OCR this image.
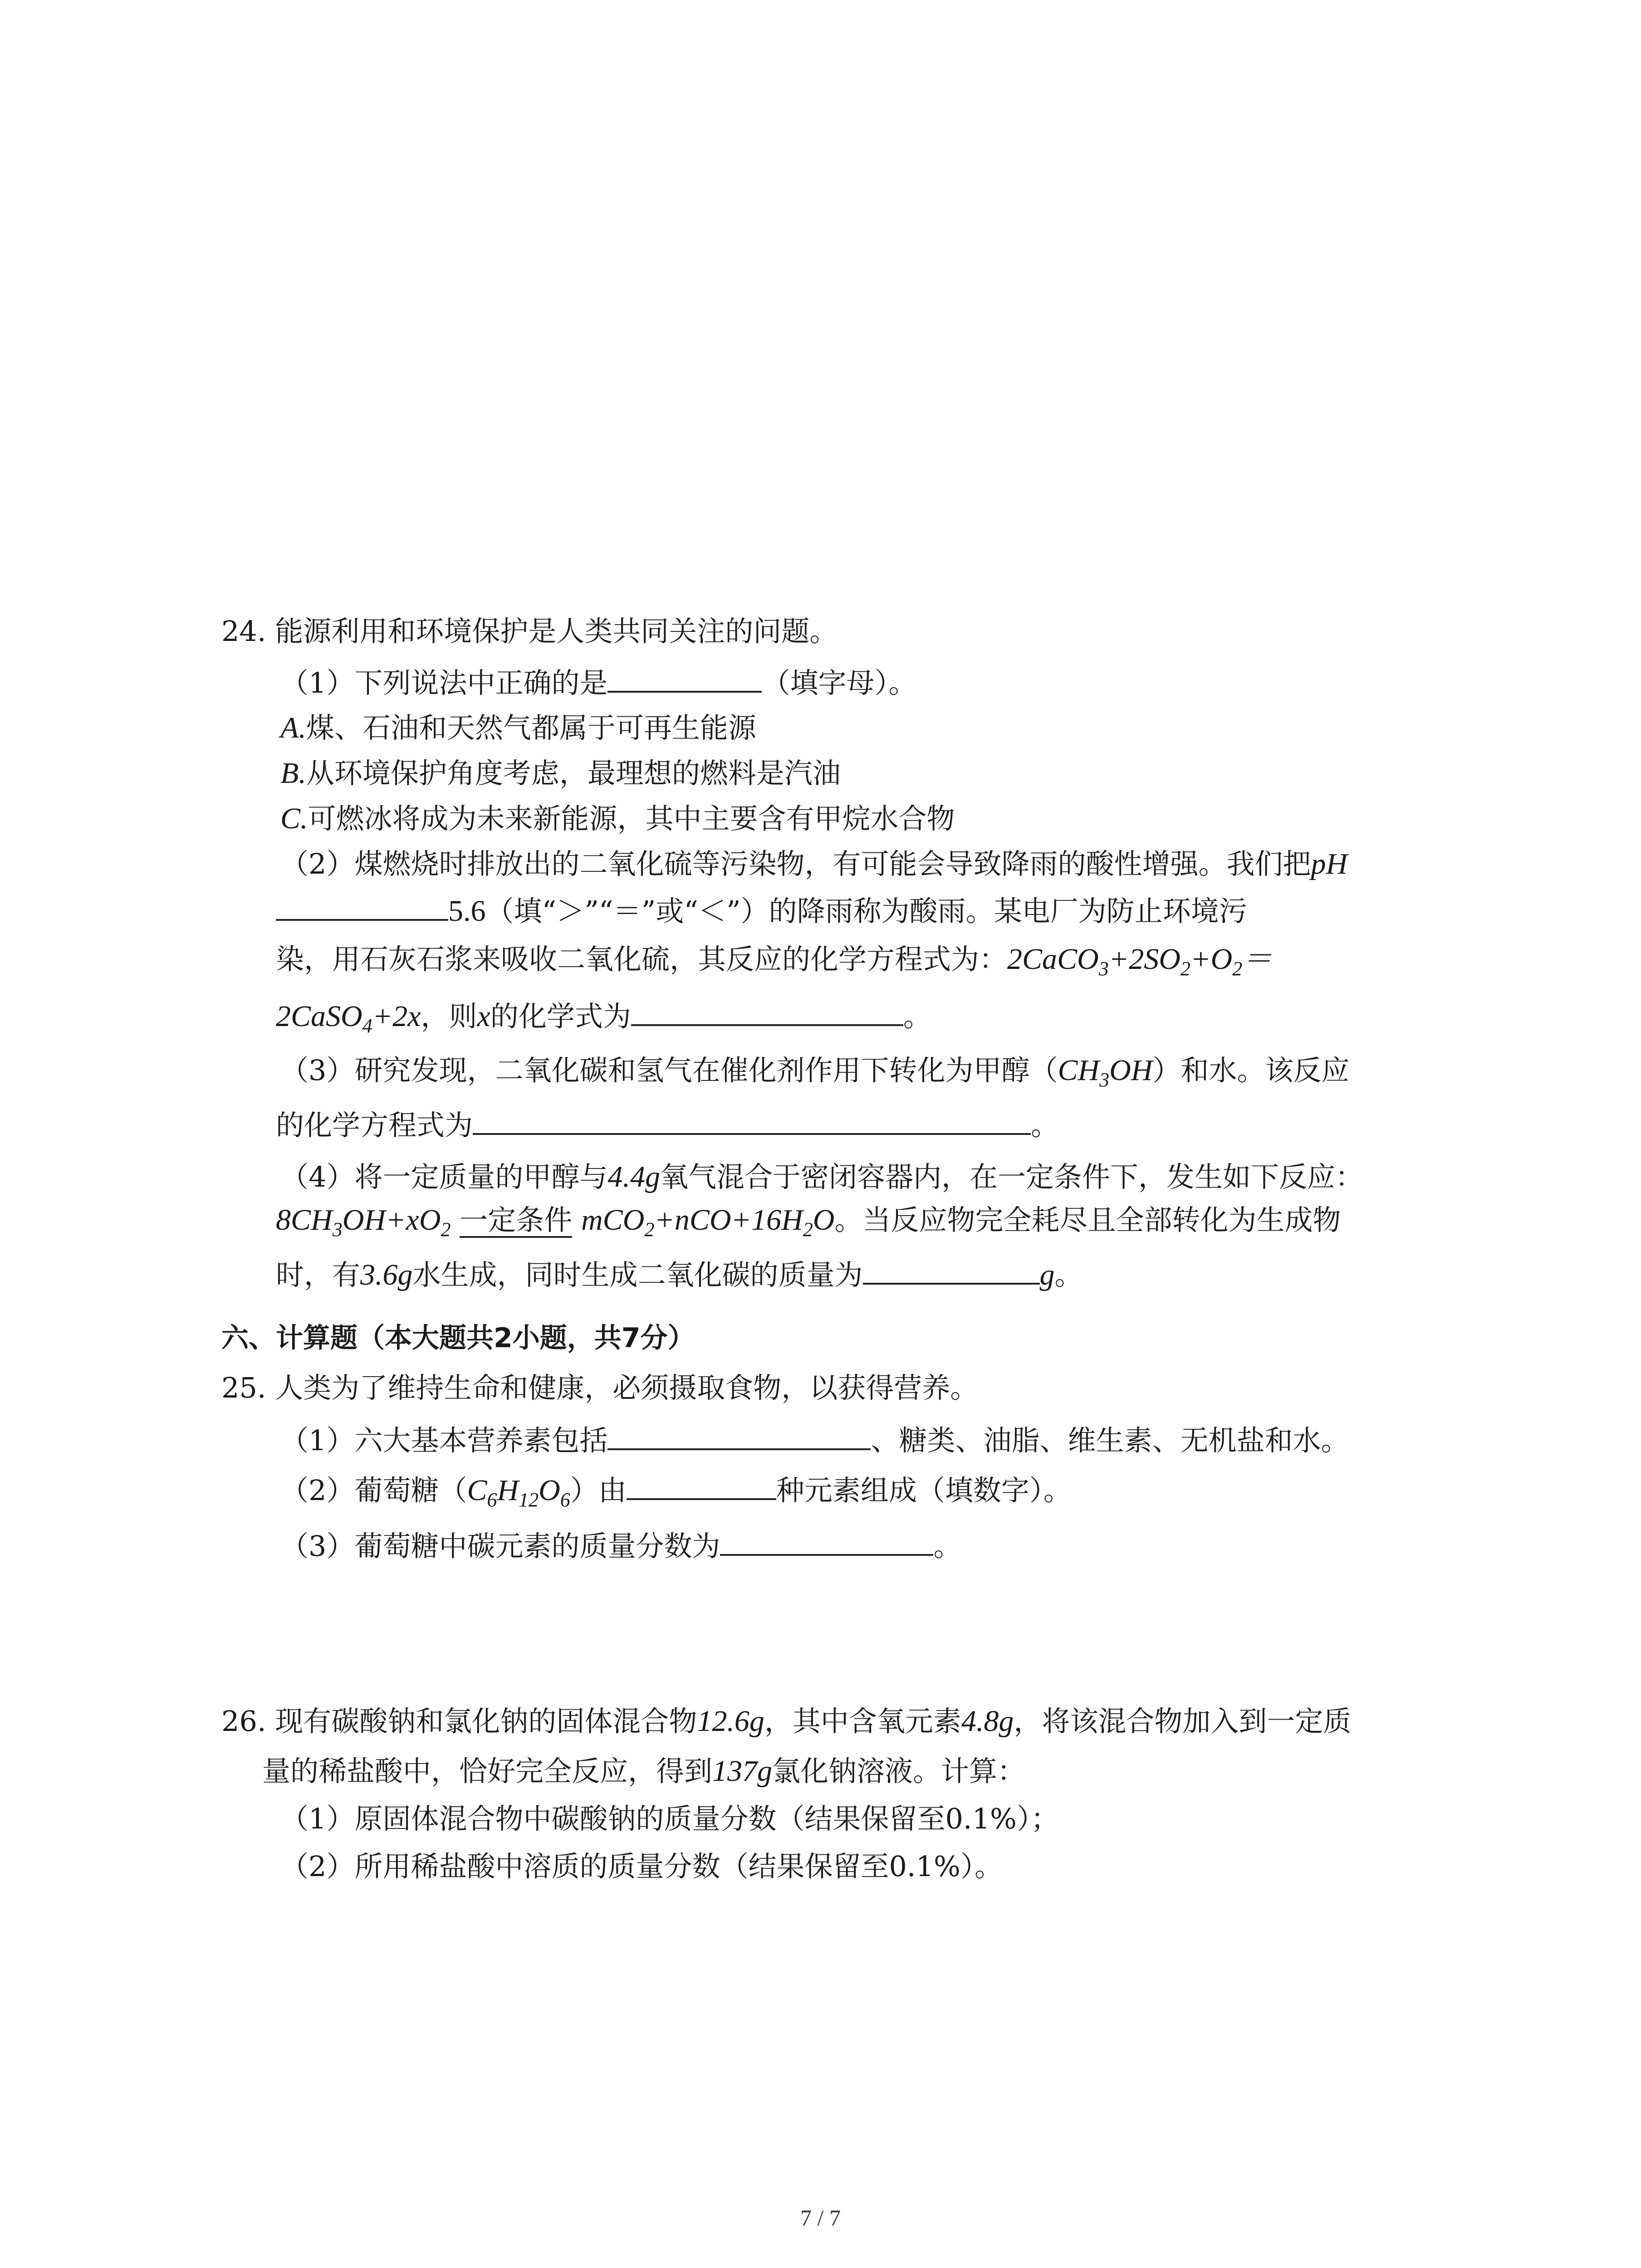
24. 能源利用和环境保护是人类共同关注的问题。
（1）下列说法中正确的是	（填字母）。
A.煤、石油和天然气都属于可再生能源
B.从环境保护角度考虑，最理想的燃料是汽油
C.可燃冰将成为未来新能源，其中主要含有甲烷水合物
（2）煤燃烧时排放出的二氧化硫等污染物，有可能会导致降雨的酸性增强。我们把pH
5.6（填“＞”“＝”或“＜”）的降雨称为酸雨。某电厂为防止环境污
染，用石灰石浆来吸收二氧化硫，其反应的化学方程式为：$2CaCO_3+2SO_2+O_2=$
2CaSO$_4$+2x，则x的化学式为	。
（3）研究发现，二氧化碳和氢气在催化剂作用下转化为甲醇$(CH_3OH)$和水。该反应
的化学方程式为	。
（4）将一定质量的甲醇与4.4g氧气混合于密闭容器内，在一定条件下，发生如下反应：
$8CH_3OH+xO_2$ 一定条件 $mCO_2+nCO+16H_2O$。当反应物完全耗尽且全部转化为生成物
时，有3.6g水生成，同时生成二氧化碳的质量为	g。
六、计算题（本大题共2小题，共7分）
25. 人类为了维持生命和健康，必须摄取食物，以获得营养。
（1）六大基本营养素包括	、糖类、油脂、维生素、无机盐和水。
（2）葡萄糖$(C_6H_{12}O_6)$由	种元素组成（填数字）。
（3）葡萄糖中碳元素的质量分数为	。
26. 现有碳酸钠和氯化钠的固体混合物12.6g，其中含氧元素4.8g，将该混合物加入到一定质
量的稀盐酸中，恰好完全反应，得到137g氯化钠溶液。计算：
（1）原固体混合物中碳酸钠的质量分数（结果保留至0.1%）；
（2）所用稀盐酸中溶质的质量分数（结果保留至0.1%）。
7 / 7
